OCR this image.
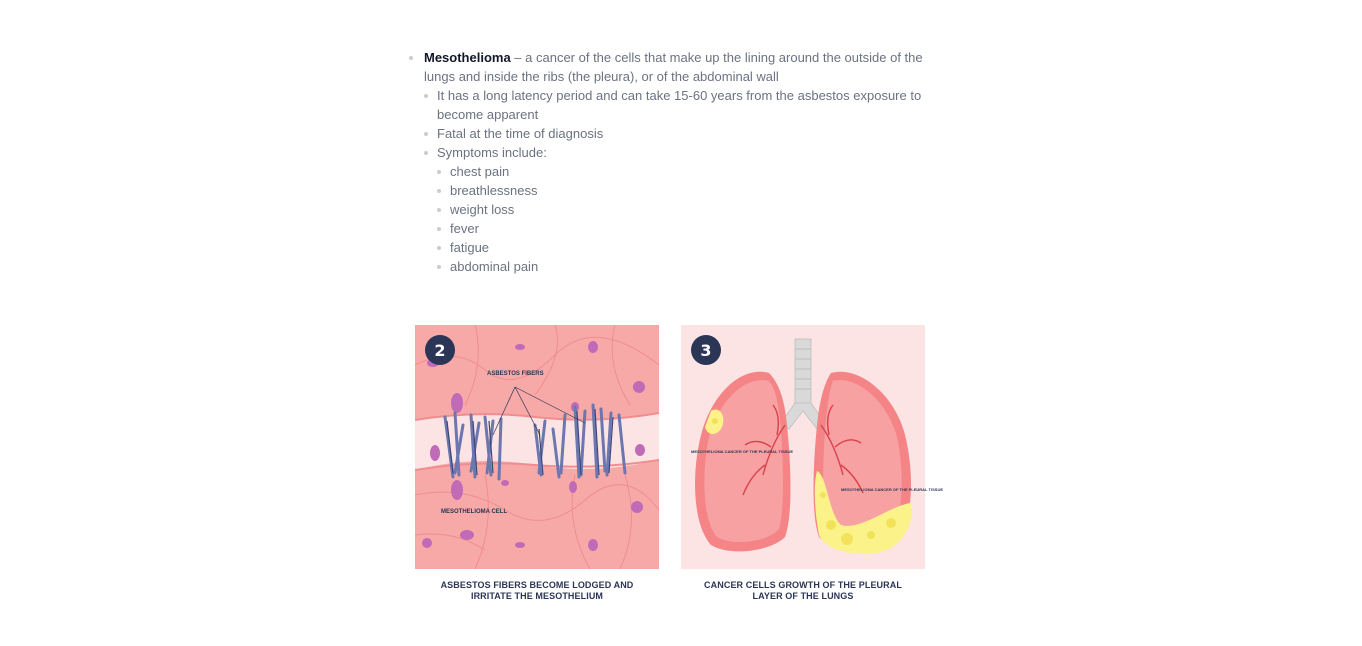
Mesothelioma – a cancer of the cells that make up the lining around the outside of the lungs and inside the ribs (the pleura), or of the abdominal wall
It has a long latency period and can take 15-60 years from the asbestos exposure to become apparent
Fatal at the time of diagnosis
Symptoms include:
chest pain
breathlessness
weight loss
fever
fatigue
abdominal pain
ASBESTOS FIBERS
MESOTHELIOMA CELL
2
ASBESTOS FIBERS BECOME LODGED AND
IRRITATE THE MESOTHELIUM
MESOTHELIOMA CANCER OF THE PLEURAL TISSUE
MESOTHELIOMA CANCER OF THE PLEURAL TISSUE
3
CANCER CELLS GROWTH OF THE PLEURAL
LAYER OF THE LUNGS
